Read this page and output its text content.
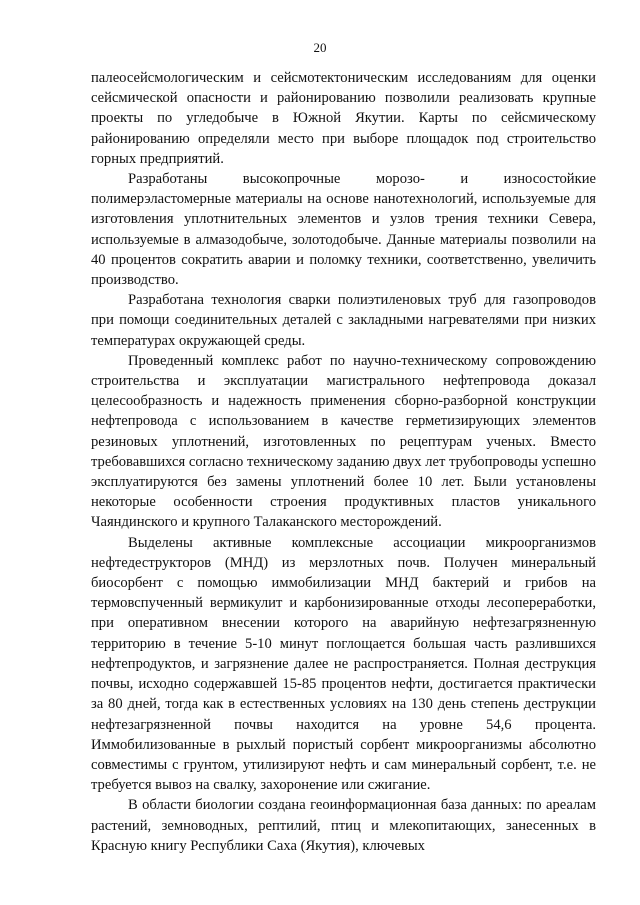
20

палеосейсмологическим и сейсмотектоническим исследованиям для оценки сейсмической опасности и районированию позволили реализовать крупные проекты по угледобыче в Южной Якутии. Карты по сейсмическому районированию определяли место при выборе площадок под строительство горных предприятий.

Разработаны высокопрочные морозо- и износостойкие полимерэластомерные материалы на основе нанотехнологий, используемые для изготовления уплотнительных элементов и узлов трения техники Севера, используемые в алмазодобыче, золотодобыче. Данные материалы позволили на 40 процентов сократить аварии и поломку техники, соответственно, увеличить производство.

Разработана технология сварки полиэтиленовых труб для газопроводов при помощи соединительных деталей с закладными нагревателями при низких температурах окружающей среды.

Проведенный комплекс работ по научно-техническому сопровождению строительства и эксплуатации магистрального нефтепровода доказал целесообразность и надежность применения сборно-разборной конструкции нефтепровода с использованием в качестве герметизирующих элементов резиновых уплотнений, изготовленных по рецептурам ученых. Вместо требовавшихся согласно техническому заданию двух лет трубопроводы успешно эксплуатируются без замены уплотнений более 10 лет. Были установлены некоторые особенности строения продуктивных пластов уникального Чаяндинского и крупного Талаканского месторождений.

Выделены активные комплексные ассоциации микроорганизмов нефтедеструкторов (МНД) из мерзлотных почв. Получен минеральный биосорбент с помощью иммобилизации МНД бактерий и грибов на термовспученный вермикулит и карбонизированные отходы лесопереработки, при оперативном внесении которого на аварийную нефтезагрязненную территорию в течение 5-10 минут поглощается большая часть разлившихся нефтепродуктов, и загрязнение далее не распространяется. Полная деструкция почвы, исходно содержавшей 15-85 процентов нефти, достигается практически за 80 дней, тогда как в естественных условиях на 130 день степень деструкции нефтезагрязненной почвы находится на уровне 54,6 процента. Иммобилизованные в рыхлый пористый сорбент микроорганизмы абсолютно совместимы с грунтом, утилизируют нефть и сам минеральный сорбент, т.е. не требуется вывоз на свалку, захоронение или сжигание.

В области биологии создана геоинформационная база данных: по ареалам растений, земноводных, рептилий, птиц и млекопитающих, занесенных в Красную книгу Республики Саха (Якутия), ключевых
